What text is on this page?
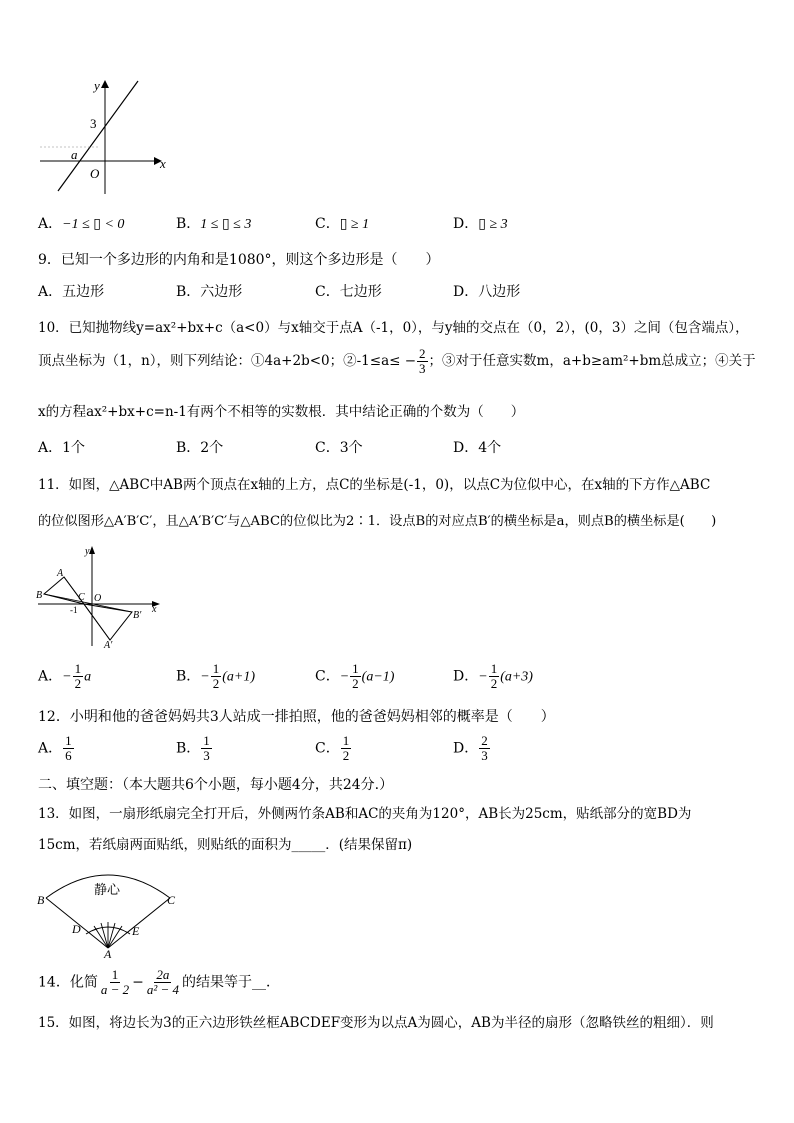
y
x
3
a
O
A．−1 ≤ ▯ < 0	B．1 ≤ ▯ ≤ 3	C．▯ ≥ 1	D．▯ ≥ 3
9．已知一个多边形的内角和是1080°，则这个多边形是（　　）
A．五边形	B．六边形	C．七边形	D．八边形
10．已知抛物线y=ax²+bx+c（a<0）与x轴交于点A（-1，0），与y轴的交点在（0，2），(0，3）之间（包含端点），
顶点坐标为（1，n），则下列结论：①4a+2b<0；②-1≤a≤ − $\frac{2}{3}$ ；③对于任意实数m，a+b≥am²+bm总成立；④关于
x的方程ax²+bx+c=n-1有两个不相等的实数根．其中结论正确的个数为（　　）
A．1个	B．2个	C．3个	D．4个
11．如图，△ABC中AB两个顶点在x轴的上方，点C的坐标是(-1，0)，以点C为位似中心，在x轴的下方作△ABC
的位似图形△A′B′C′，且△A′B′C′与△ABC的位似比为2∶1．设点B的对应点B′的横坐标是a，则点B的横坐标是(　　)
y
x
A
B	C O
-1	B′
A′
A．− $\frac{1}{2}$ a	B．− $\frac{1}{2} (a+1)$	C．− $\frac{1}{2} (a-1)$	D．− $\frac{1}{2} (a+3)$
12．小明和他的爸爸妈妈共3人站成一排拍照，他的爸爸妈妈相邻的概率是（　　）
A． $\frac{1}{6}$	B． $\frac{1}{3}$	C． $\frac{1}{2}$	D． $\frac{2}{3}$
二、填空题：（本大题共6个小题，每小题4分，共24分.）
13．如图，一扇形纸扇完全打开后，外侧两竹条AB和AC的夹角为120°，AB长为25cm，贴纸部分的宽BD为
15cm，若纸扇两面贴纸，则贴纸的面积为_____．(结果保留π)
静心
B	C
D	E
A
14．化简 $\frac{1}{a - 2} - \frac{2a}{\text{a² − 4}}$ 的结果等于__．
15．如图，将边长为3的正六边形铁丝框ABCDEF变形为以点A为圆心，AB为半径的扇形（忽略铁丝的粗细）．则
